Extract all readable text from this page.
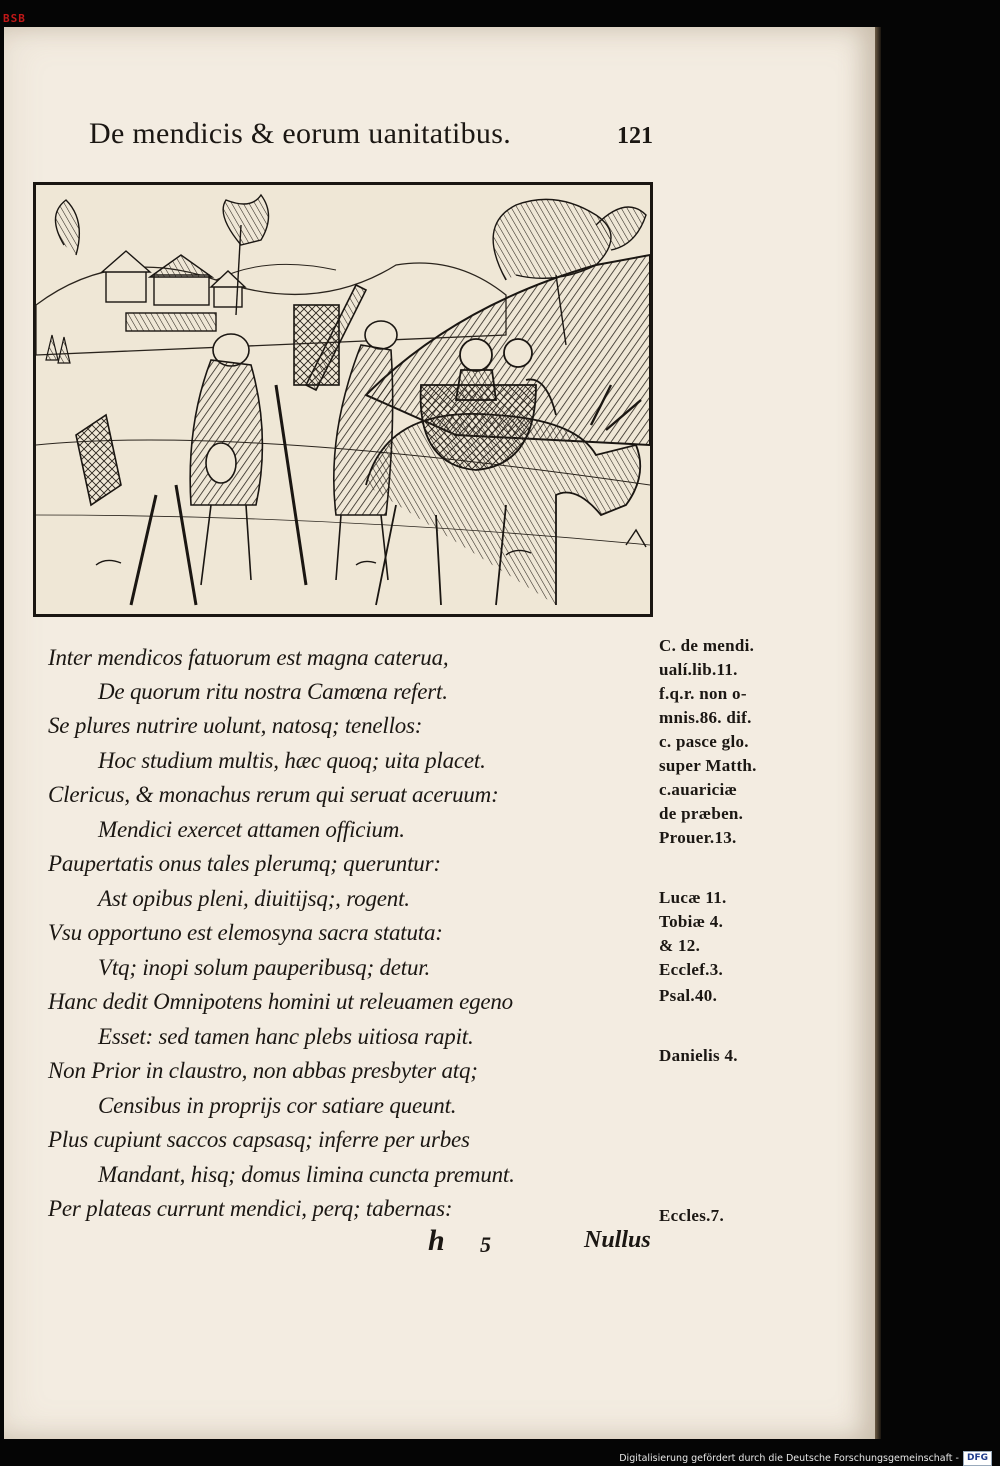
BSB
De mendicis & eorum uanitatibus.	121
Inter mendicos fatuorum est magna caterua,
De quorum ritu nostra Camœna refert.
Se plures nutrire uolunt, natosq; tenellos:
Hoc studium multis, hæc quoq; uita placet.
Clericus, & monachus rerum qui seruat aceruum:
Mendici exercet attamen officium.
Paupertatis onus tales plerumq; queruntur:
Ast opibus pleni, diuitijsq;, rogent.
Vsu opportuno est elemosyna sacra statuta:
Vtq; inopi solum pauperibusq; detur.
Hanc dedit Omnipotens homini ut releuamen egeno
Esset: sed tamen hanc plebs uitiosa rapit.
Non Prior in claustro, non abbas presbyter atq;
Censibus in proprijs cor satiare queunt.
Plus cupiunt saccos capsasq; inferre per urbes
Mandant, hisq; domus limina cuncta premunt.
Per plateas currunt mendici, perq; tabernas:
C. de mendi.
ualí.lib.11.
f.q.r. non o-
mnis.86. dif.
c. pasce glo.
super Matth.
c.auariciæ
de præben.
Prouer.13.
Lucæ 11.
Tobiæ 4.
& 12.
Ecclef.3.
Psal.40.
Danielis 4.
Eccles.7.
h 5	Nullus
Digitalisierung gefördert durch die Deutsche Forschungsgemeinschaft - DFG
